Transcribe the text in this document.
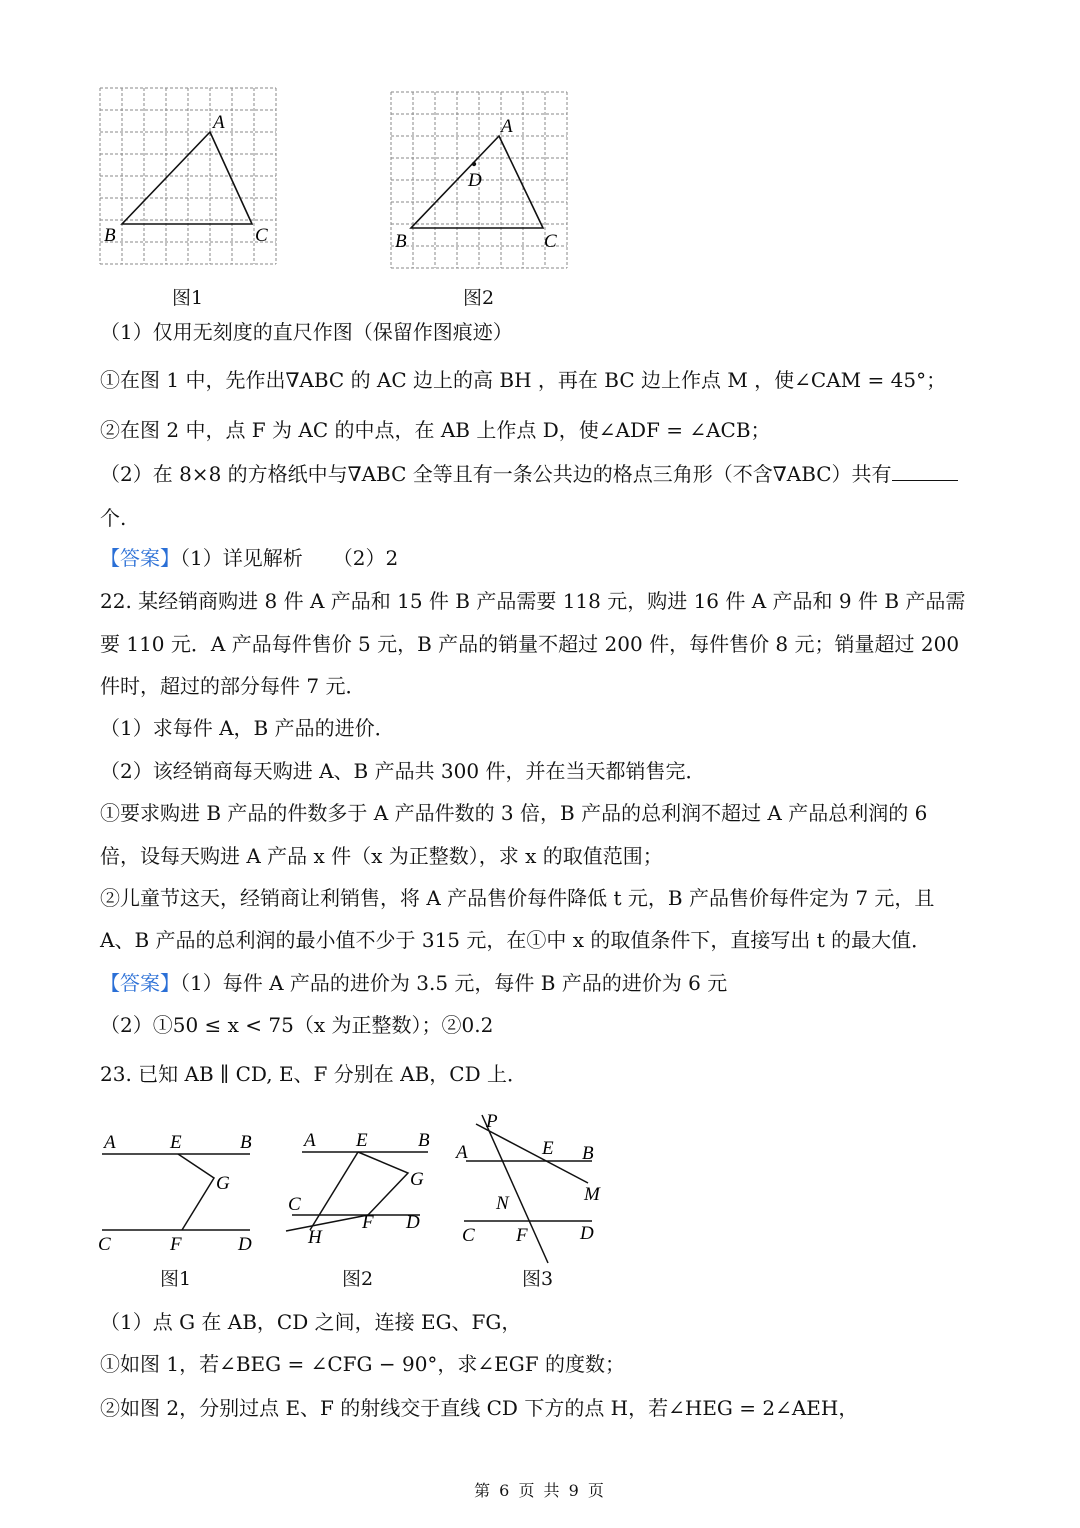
A
B	C
图1
A
D
B	C
图2
（1）仅用无刻度的直尺作图（保留作图痕迹）
①在图 1 中，先作出∇ABC 的 AC 边上的高 BH ，再在 BC 边上作点 M ，使∠CAM = 45°；
②在图 2 中，点 F 为 AC 的中点，在 AB 上作点 D，使∠ADF = ∠ACB；
（2）在 8×8 的方格纸中与∇ABC 全等且有一条公共边的格点三角形（不含∇ABC）共有
个.
【答案】（1）详见解析　　（2）2
22. 某经销商购进 8 件 A 产品和 15 件 B 产品需要 118 元，购进 16 件 A 产品和 9 件 B 产品需
要 110 元．A 产品每件售价 5 元，B 产品的销量不超过 200 件，每件售价 8 元；销量超过 200
件时，超过的部分每件 7 元．
（1）求每件 A，B 产品的进价．
（2）该经销商每天购进 A、B 产品共 300 件，并在当天都销售完．
①要求购进 B 产品的件数多于 A 产品件数的 3 倍，B 产品的总利润不超过 A 产品总利润的 6
倍，设每天购进 A 产品 x 件（x 为正整数），求 x 的取值范围；
②儿童节这天，经销商让利销售，将 A 产品售价每件降低 t 元，B 产品售价每件定为 7 元，且
A、B 产品的总利润的最小值不少于 315 元，在①中 x 的取值条件下，直接写出 t 的最大值．
【答案】（1）每件 A 产品的进价为 3.5 元，每件 B 产品的进价为 6 元
（2）①50 ≤ x < 75（x 为正整数）；②0.2
23. 已知 AB ∥ CD, E、F 分别在 AB，CD 上．
A	E	B
G
C	F	D
A E	B
G
C
F D
H
P
A	E B
M
N
C F	D
图1	图2	图3
（1）点 G 在 AB，CD 之间，连接 EG、FG，
①如图 1，若∠BEG = ∠CFG − 90°，求∠EGF 的度数；
②如图 2，分别过点 E、F 的射线交于直线 CD 下方的点 H，若∠HEG = 2∠AEH，
第 6 页 共 9 页
